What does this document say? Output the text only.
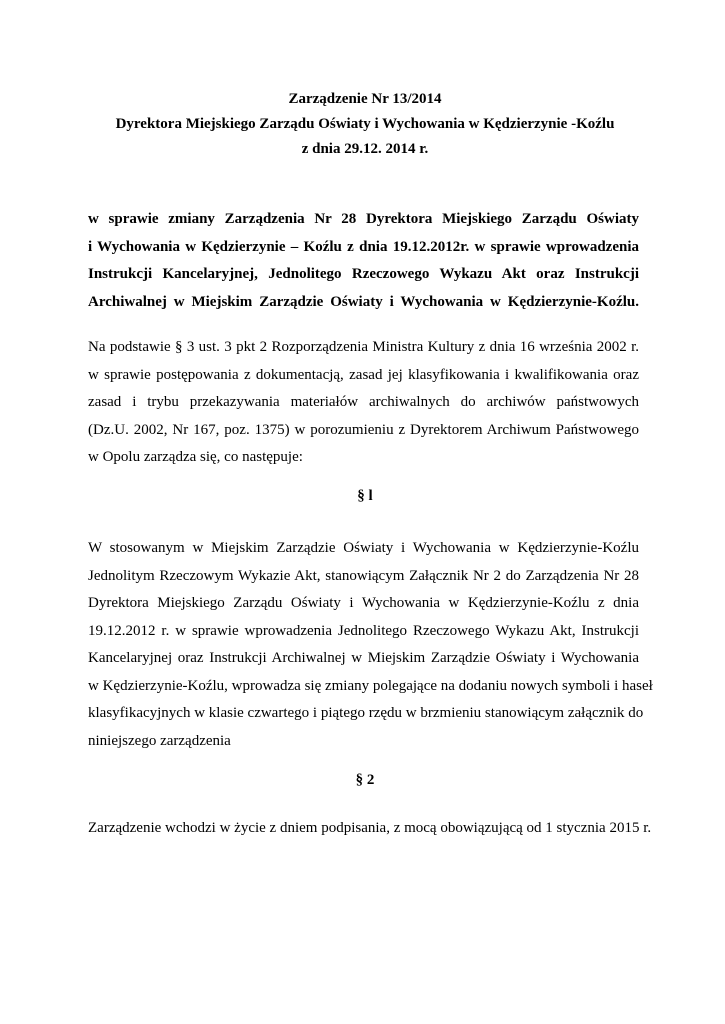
Zarządzenie Nr 13/2014
Dyrektora Miejskiego Zarządu Oświaty i Wychowania w Kędzierzynie -Koźlu
z dnia 29.12. 2014 r.
w sprawie zmiany Zarządzenia Nr 28 Dyrektora Miejskiego Zarządu Oświaty
i Wychowania w Kędzierzynie – Koźlu z dnia 19.12.2012r. w sprawie wprowadzenia
Instrukcji Kancelaryjnej, Jednolitego Rzeczowego Wykazu Akt oraz Instrukcji
Archiwalnej w Miejskim Zarządzie Oświaty i Wychowania w Kędzierzynie-Koźlu.
Na podstawie § 3 ust. 3 pkt 2 Rozporządzenia Ministra Kultury z dnia 16 września 2002 r.
w sprawie postępowania z dokumentacją, zasad jej klasyfikowania i kwalifikowania oraz
zasad i trybu przekazywania materiałów archiwalnych do archiwów państwowych
(Dz.U. 2002, Nr 167, poz. 1375) w porozumieniu z Dyrektorem Archiwum Państwowego
w Opolu zarządza się, co następuje:
§ l
W stosowanym w Miejskim Zarządzie Oświaty i Wychowania w Kędzierzynie-Koźlu
Jednolitym Rzeczowym Wykazie Akt, stanowiącym Załącznik Nr 2 do Zarządzenia Nr 28
Dyrektora Miejskiego Zarządu Oświaty i Wychowania w Kędzierzynie-Koźlu z dnia
19.12.2012 r. w sprawie wprowadzenia Jednolitego Rzeczowego Wykazu Akt, Instrukcji
Kancelaryjnej oraz Instrukcji Archiwalnej w Miejskim Zarządzie Oświaty i Wychowania
w Kędzierzynie-Koźlu, wprowadza się zmiany polegające na dodaniu nowych symboli i haseł
klasyfikacyjnych w klasie czwartego i piątego rzędu w brzmieniu stanowiącym załącznik do
niniejszego zarządzenia
§ 2
Zarządzenie wchodzi w życie z dniem podpisania, z mocą obowiązującą od 1 stycznia 2015 r.
